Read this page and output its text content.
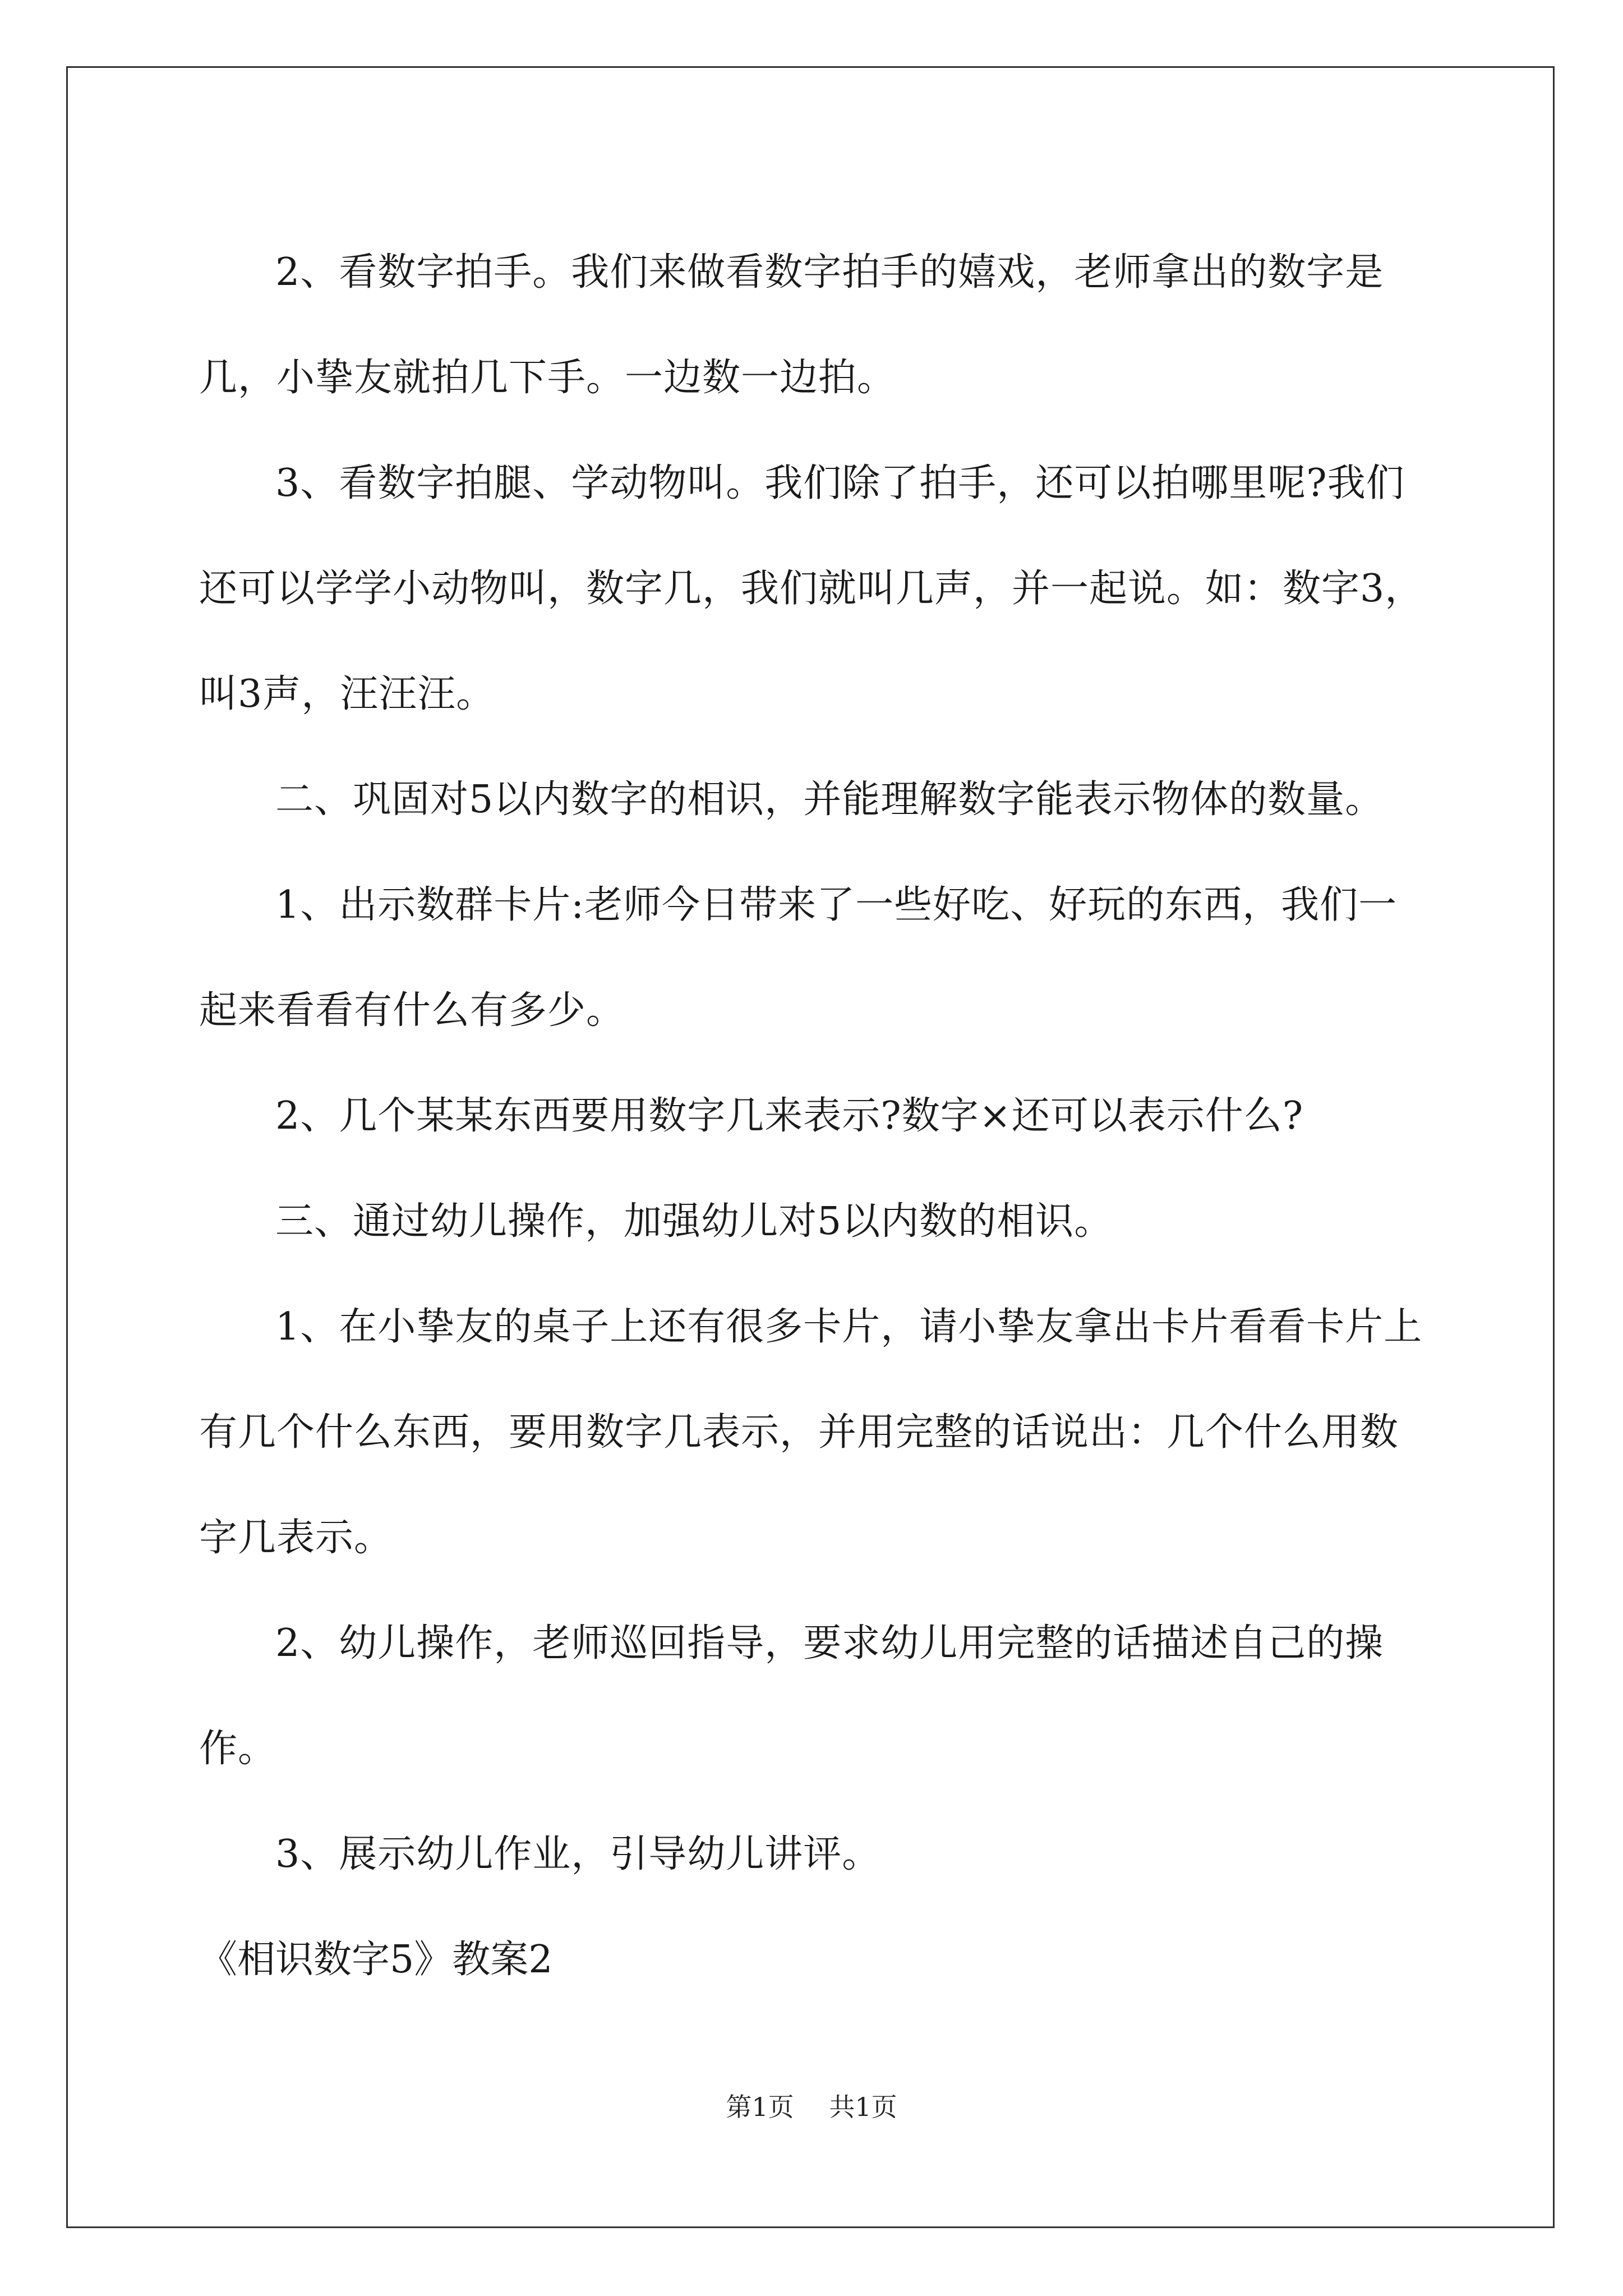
2、看数字拍手。我们来做看数字拍手的嬉戏，老师拿出的数字是几，小挚友就拍几下手。一边数一边拍。

3、看数字拍腿、学动物叫。我们除了拍手，还可以拍哪里呢?我们还可以学学小动物叫，数字几，我们就叫几声，并一起说。如：数字3，叫3声，汪汪汪。

二、巩固对5以内数字的相识，并能理解数字能表示物体的数量。

1、出示数群卡片:老师今日带来了一些好吃、好玩的东西，我们一起来看看有什么有多少。

2、几个某某东西要用数字几来表示?数字×还可以表示什么?

三、通过幼儿操作，加强幼儿对5以内数的相识。

1、在小挚友的桌子上还有很多卡片，请小挚友拿出卡片看看卡片上有几个什么东西，要用数字几表示，并用完整的话说出：几个什么用数字几表示。

2、幼儿操作，老师巡回指导，要求幼儿用完整的话描述自己的操作。

3、展示幼儿作业，引导幼儿讲评。

《相识数字5》教案2

第1页 共1页
